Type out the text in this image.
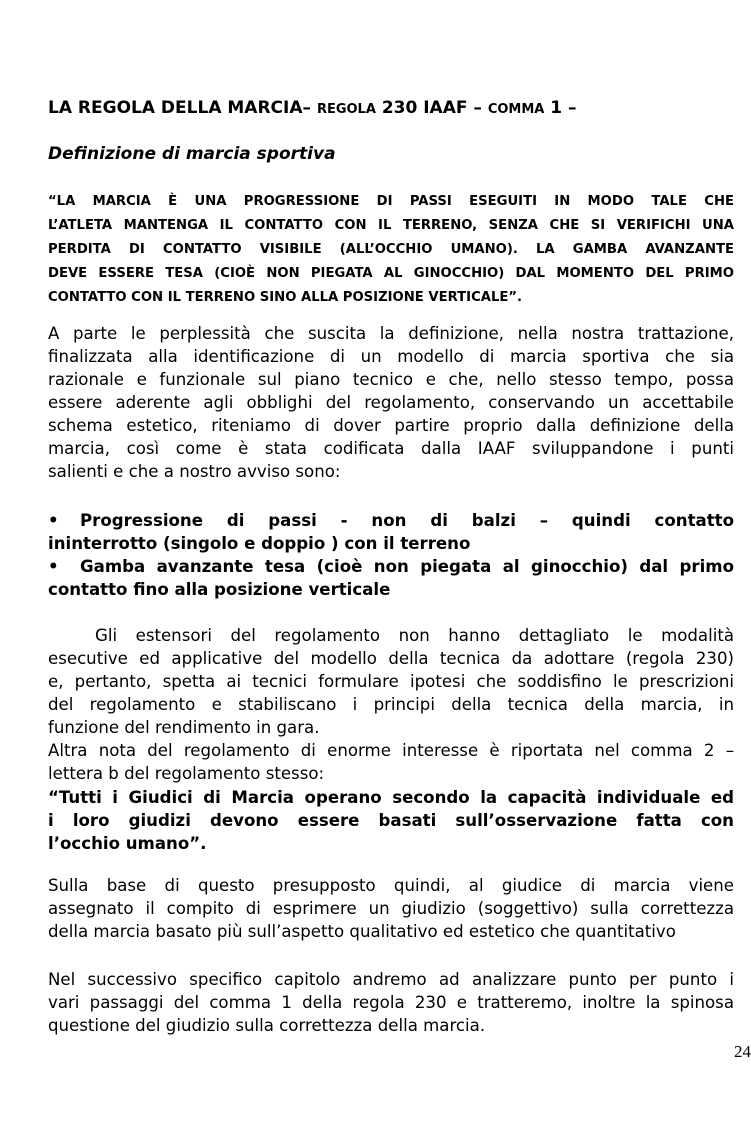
LA REGOLA DELLA MARCIA– REGOLA 230 IAAF – COMMA 1 –
Definizione di marcia sportiva
“LA MARCIA È UNA PROGRESSIONE DI PASSI ESEGUITI IN MODO TALE CHE
L’ATLETA MANTENGA IL CONTATTO CON IL TERRENO, SENZA CHE SI VERIFICHI UNA
PERDITA DI CONTATTO VISIBILE (ALL’OCCHIO UMANO). LA GAMBA AVANZANTE
DEVE ESSERE TESA (CIOÈ NON PIEGATA AL GINOCCHIO) DAL MOMENTO DEL PRIMO
CONTATTO CON IL TERRENO SINO ALLA POSIZIONE VERTICALE”.
A parte le perplessità che suscita la definizione, nella nostra trattazione,
finalizzata alla identificazione di un modello di marcia sportiva che sia
razionale e funzionale sul piano tecnico e che, nello stesso tempo, possa
essere aderente agli obblighi del regolamento, conservando un accettabile
schema estetico, riteniamo di dover partire proprio dalla definizione della
marcia, così come è stata codificata dalla IAAF sviluppandone i punti
salienti e che a nostro avviso sono:
•	Progressione di passi - non di balzi – quindi contatto
ininterrotto (singolo e doppio ) con il terreno
•	Gamba avanzante tesa (cioè non piegata al ginocchio) dal primo
contatto fino alla posizione verticale
Gli estensori del regolamento non hanno dettagliato le modalità
esecutive ed applicative del modello della tecnica da adottare (regola 230)
e, pertanto, spetta ai tecnici formulare ipotesi che soddisfino le prescrizioni
del regolamento e stabiliscano i principi della tecnica della marcia, in
funzione del rendimento in gara.
Altra nota del regolamento di enorme interesse è riportata nel comma 2 –
lettera b del regolamento stesso:
“Tutti i Giudici di Marcia operano secondo la capacità individuale ed
i loro giudizi devono essere basati sull’osservazione fatta con
l’occhio umano”.
Sulla base di questo presupposto quindi, al giudice di marcia viene
assegnato il compito di esprimere un giudizio (soggettivo) sulla correttezza
della marcia basato più sull’aspetto qualitativo ed estetico che quantitativo
Nel successivo specifico capitolo andremo ad analizzare punto per punto i
vari passaggi del comma 1 della regola 230 e tratteremo, inoltre la spinosa
questione del giudizio sulla correttezza della marcia.
24
